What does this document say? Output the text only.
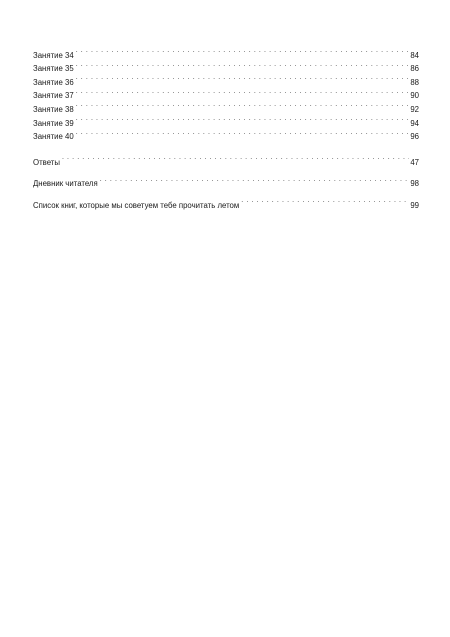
Занятие 34 . . .	84
Занятие 35 . . .	86
Занятие 36 . . .	88
Занятие 37 . . .	90
Занятие 38 . . .	92
Занятие 39 . . .	94
Занятие 40 . . .	96
Ответы . . .	47
Дневник читателя . . .	98
Список книг, которые мы советуем тебе прочитать летом . . .	99
